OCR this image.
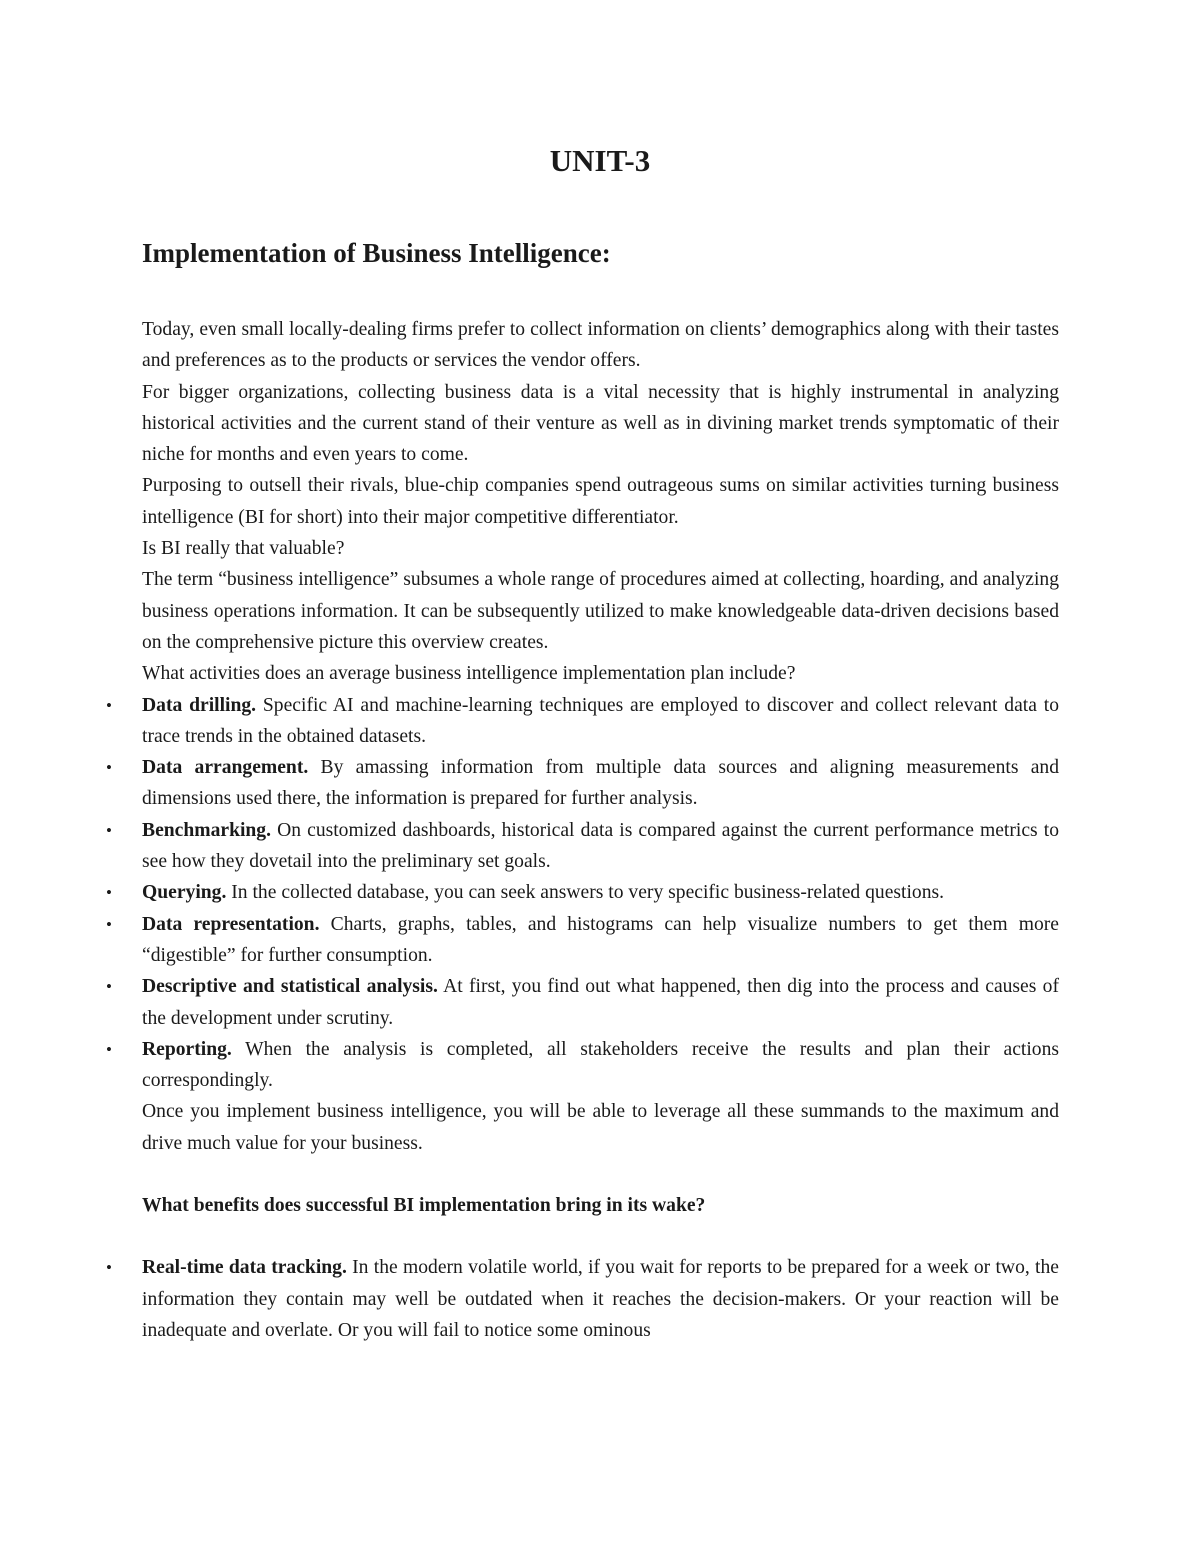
UNIT-3
Implementation of Business Intelligence:

Today, even small locally-dealing firms prefer to collect information on clients’ demographics along with their tastes and preferences as to the products or services the vendor offers.

For bigger organizations, collecting business data is a vital necessity that is highly instrumental in analyzing historical activities and the current stand of their venture as well as in divining market trends symptomatic of their niche for months and even years to come.

Purposing to outsell their rivals, blue-chip companies spend outrageous sums on similar activities turning business intelligence (BI for short) into their major competitive differentiator.

Is BI really that valuable?

The term “business intelligence” subsumes a whole range of procedures aimed at collecting, hoarding, and analyzing business operations information. It can be subsequently utilized to make knowledgeable data-driven decisions based on the comprehensive picture this overview creates.

What activities does an average business intelligence implementation plan include?

• Data drilling. Specific AI and machine-learning techniques are employed to discover and collect relevant data to trace trends in the obtained datasets.
• Data arrangement. By amassing information from multiple data sources and aligning measurements and dimensions used there, the information is prepared for further analysis.
• Benchmarking. On customized dashboards, historical data is compared against the current performance metrics to see how they dovetail into the preliminary set goals.
• Querying. In the collected database, you can seek answers to very specific business-related questions.
• Data representation. Charts, graphs, tables, and histograms can help visualize numbers to get them more “digestible” for further consumption.
• Descriptive and statistical analysis. At first, you find out what happened, then dig into the process and causes of the development under scrutiny.
• Reporting. When the analysis is completed, all stakeholders receive the results and plan their actions correspondingly.

Once you implement business intelligence, you will be able to leverage all these summands to the maximum and drive much value for your business.

What benefits does successful BI implementation bring in its wake?

• Real-time data tracking. In the modern volatile world, if you wait for reports to be prepared for a week or two, the information they contain may well be outdated when it reaches the decision-makers. Or your reaction will be inadequate and overlate. Or you will fail to notice some ominous
